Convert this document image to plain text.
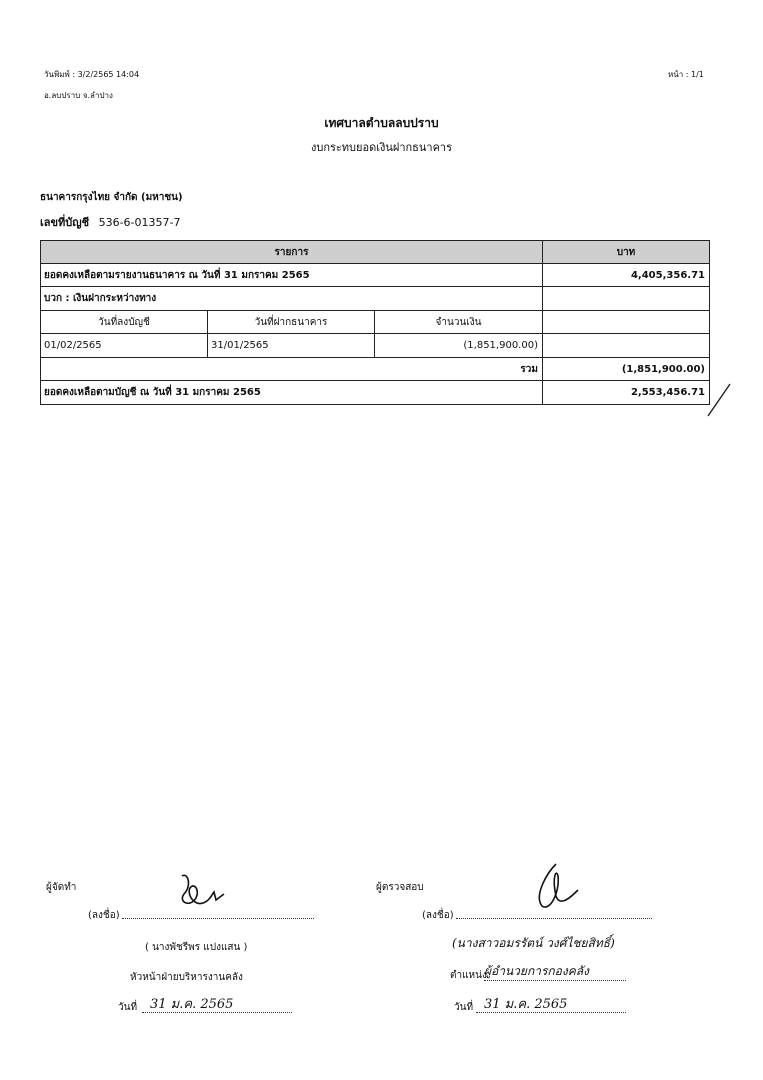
วันพิมพ์ : 3/2/2565 14:04
อ.ลบปราบ จ.ลำปาง
หน้า : 1/1
เทศบาลตำบลลบปราบ
งบกระทบยอดเงินฝากธนาคาร
ธนาคารกรุงไทย จำกัด (มหาชน)
เลขที่บัญชี 536-6-01357-7
รายการ	บาท
ยอดคงเหลือตามรายงานธนาคาร ณ วันที่ 31 มกราคม 2565	4,405,356.71
บวก : เงินฝากระหว่างทาง
วันที่ลงบัญชี	วันที่ฝากธนาคาร	จำนวนเงิน
01/02/2565	31/01/2565	(1,851,900.00)
รวม	(1,851,900.00)
ยอดคงเหลือตามบัญชี ณ วันที่ 31 มกราคม 2565	2,553,456.71
ผู้จัดทำ
(ลงชื่อ)
( นางพัชรีพร แปงแสน )
หัวหน้าฝ่ายบริหารงานคลัง
วันที่ 31 ม.ค. 2565
ผู้ตรวจสอบ
(ลงชื่อ)
(นางสาวอมรรัตน์ วงศ์ไชยสิทธิ์)
ตำแหน่ง
ผู้อำนวยการกองคลัง
วันที่ 31 ม.ค. 2565
